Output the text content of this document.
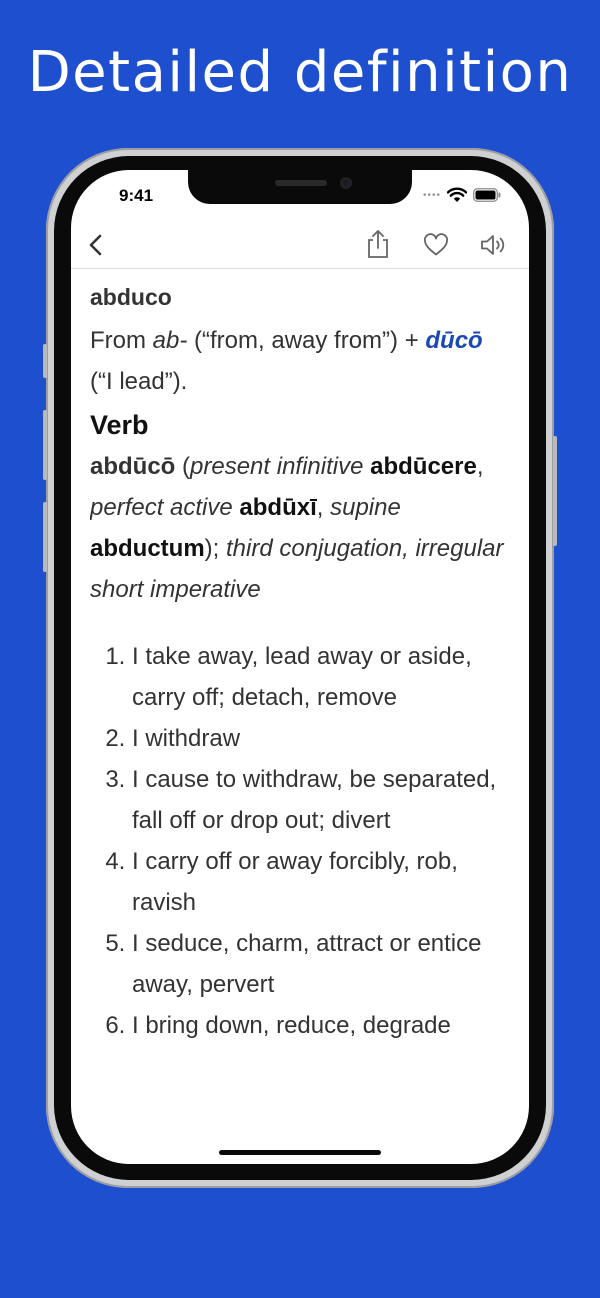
Detailed definition
9:41	••••
abduco

From ab- (“from, away from”) + dūcō (“I lead”).

Verb

abdūcō (present infinitive abdūcere, perfect active abdūxī, supine abductum); third conjugation, irregular short imperative

1. I take away, lead away or aside, carry off; detach, remove
2. I withdraw
3. I cause to withdraw, be separated, fall off or drop out; divert
4. I carry off or away forcibly, rob, ravish
5. I seduce, charm, attract or entice away, pervert
6. I bring down, reduce, degrade
